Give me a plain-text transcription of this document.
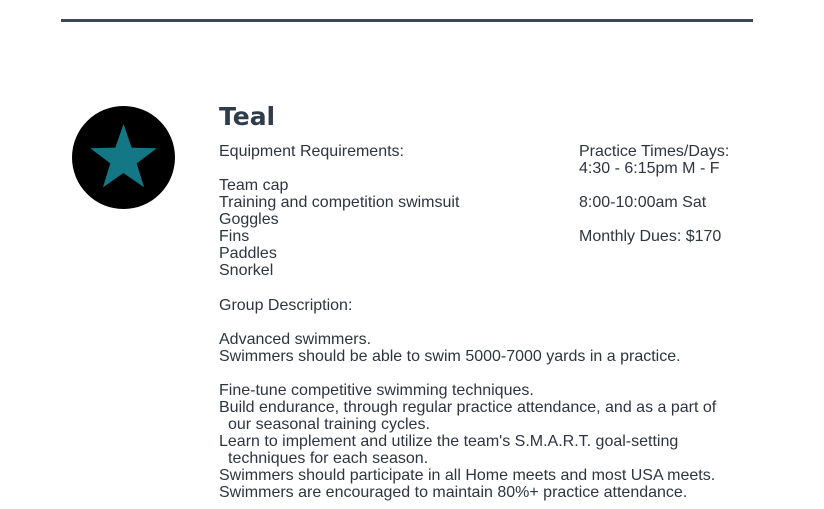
Teal
Equipment Requirements:
Team cap
Training and competition swimsuit
Goggles
Fins
Paddles
Snorkel
Practice Times/Days:
4:30 - 6:15pm M - F
8:00-10:00am Sat
Monthly Dues: $170
Group Description:
Advanced swimmers.
Swimmers should be able to swim 5000-7000 yards in a practice.
Fine-tune competitive swimming techniques.
Build endurance, through regular practice attendance, and as a part of
our seasonal training cycles.
Learn to implement and utilize the team's S.M.A.R.T. goal-setting
techniques for each season.
Swimmers should participate in all Home meets and most USA meets.
Swimmers are encouraged to maintain 80%+ practice attendance.
